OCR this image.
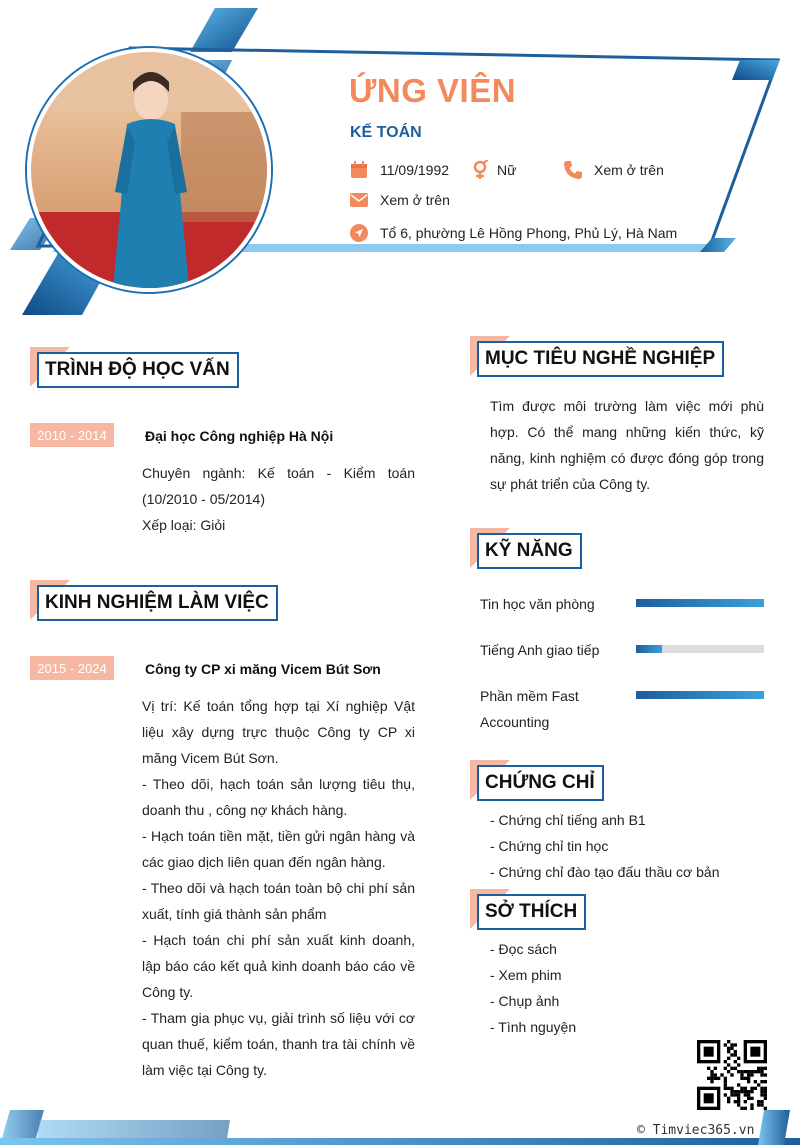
ỨNG VIÊN
KẾ TOÁN
11/09/1992	Nữ	Xem ở trên
Xem ở trên
Tổ 6, phường Lê Hồng Phong, Phủ Lý, Hà Nam
TRÌNH ĐỘ HỌC VẤN
2010 - 2014	Đại học Công nghiệp Hà Nội

Chuyên ngành: Kế toán - Kiểm toán (10/2010 - 05/2014)

Xếp loại: Giỏi

KINH NGHIỆM LÀM VIỆC
2015 - 2024	Công ty CP xi măng Vicem Bút Sơn

Vị trí: Kế toán tổng hợp tại Xí nghiệp Vật liệu xây dựng trực thuộc Công ty CP xi măng Vicem Bút Sơn.

- Theo dõi, hạch toán sản lượng tiêu thụ, doanh thu , công nợ khách hàng.

- Hạch toán tiền mặt, tiền gửi ngân hàng và các giao dịch liên quan đến ngân hàng.

- Theo dõi và hạch toán toàn bộ chi phí sản xuất, tính giá thành sản phẩm

- Hạch toán chi phí sản xuất kinh doanh, lập báo cáo kết quả kinh doanh báo cáo về Công ty.

- Tham gia phục vụ, giải trình số liệu với cơ quan thuế, kiểm toán, thanh tra tài chính về làm việc tại Công ty.

MỤC TIÊU NGHỀ NGHIỆP
Tìm được môi trường làm việc mới phù hợp. Có thể mang những kiến thức, kỹ năng, kinh nghiệm có được đóng góp trong sự phát triển của Công ty.
KỸ NĂNG
Tin học văn phòng
Tiếng Anh giao tiếp
Phần mềm Fast Accounting
CHỨNG CHỈ
- Chứng chỉ tiếng anh B1
- Chứng chỉ tin học
- Chứng chỉ đào tạo đấu thầu cơ bản
SỞ THÍCH
- Đọc sách
- Xem phim
- Chụp ảnh
- Tình nguyện
© Timviec365.vn
